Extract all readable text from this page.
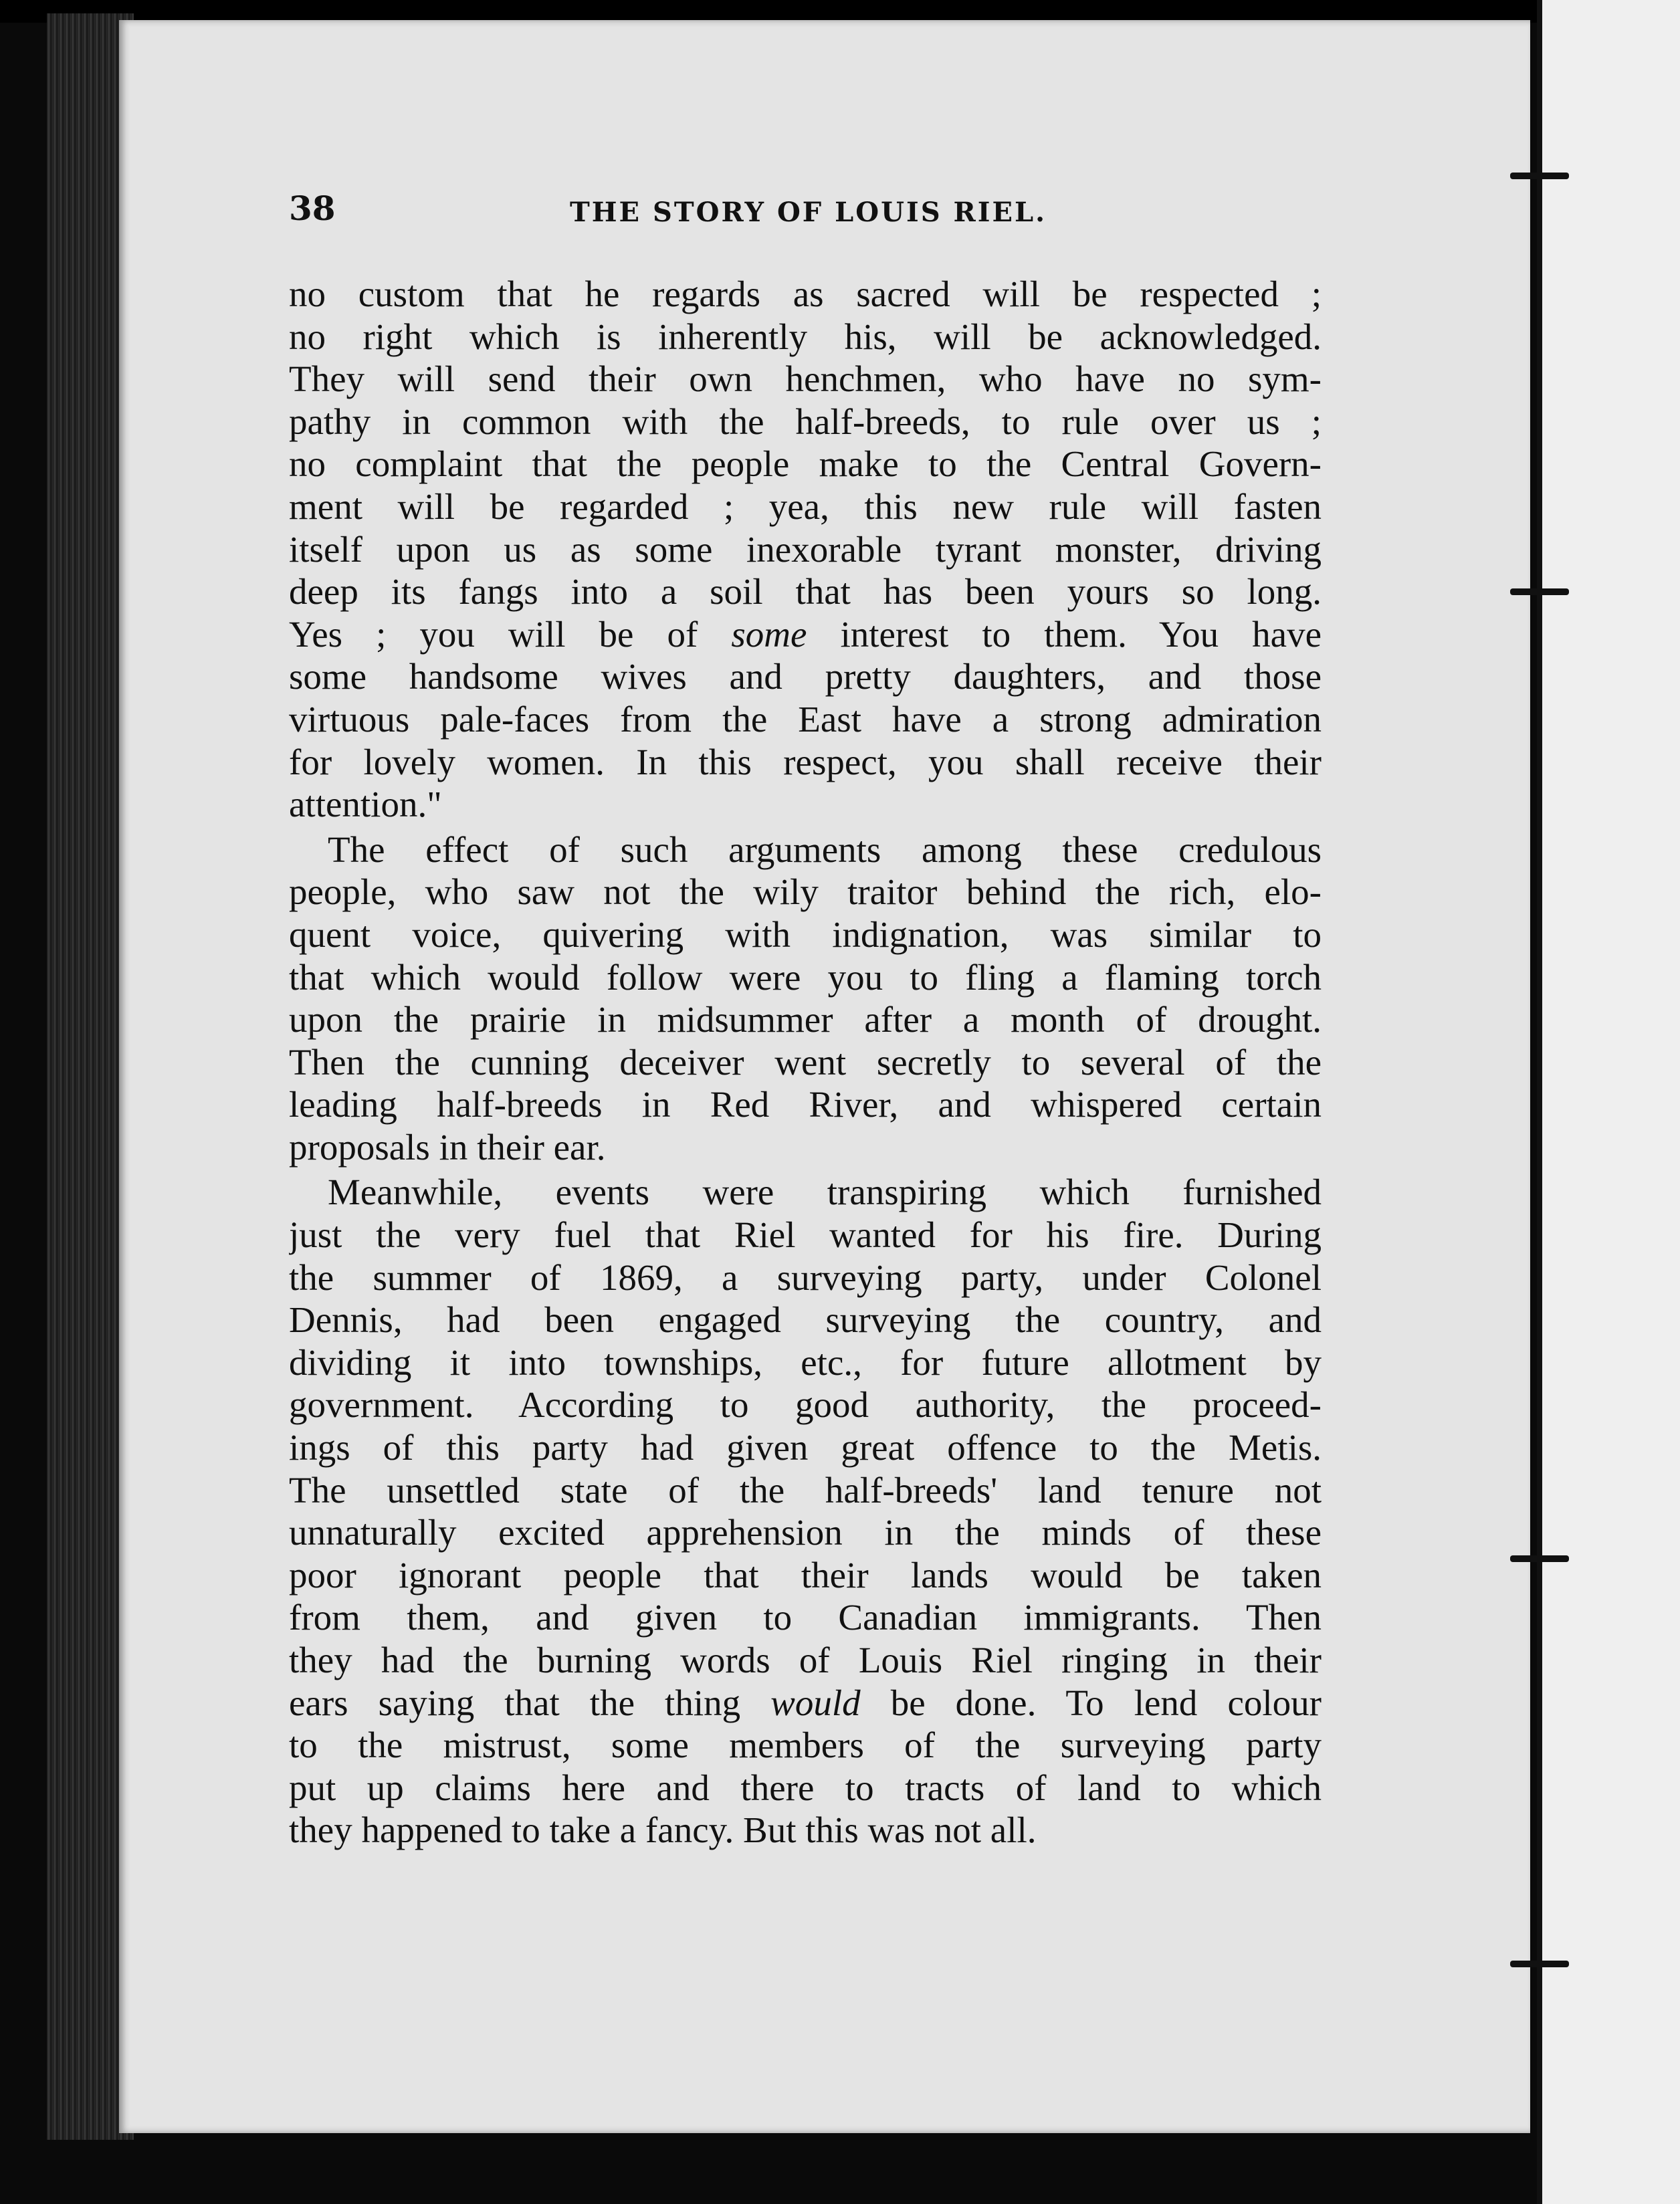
38	THE STORY OF LOUIS RIEL.
no custom that he regards as sacred will be respected ;
no right which is inherently his, will be acknowledged.
They will send their own henchmen, who have no sym-
pathy in common with the half-breeds, to rule over us ;
no complaint that the people make to the Central Govern-
ment will be regarded ; yea, this new rule will fasten
itself upon us as some inexorable tyrant monster, driving
deep its fangs into a soil that has been yours so long.
Yes ; you will be of some interest to them. You have
some handsome wives and pretty daughters, and those
virtuous pale-faces from the East have a strong admiration
for lovely women. In this respect, you shall receive their
attention."
The effect of such arguments among these credulous
people, who saw not the wily traitor behind the rich, elo-
quent voice, quivering with indignation, was similar to
that which would follow were you to fling a flaming torch
upon the prairie in midsummer after a month of drought.
Then the cunning deceiver went secretly to several of the
leading half-breeds in Red River, and whispered certain
proposals in their ear.
Meanwhile, events were transpiring which furnished
just the very fuel that Riel wanted for his fire. During
the summer of 1869, a surveying party, under Colonel
Dennis, had been engaged surveying the country, and
dividing it into townships, etc., for future allotment by
government. According to good authority, the proceed-
ings of this party had given great offence to the Metis.
The unsettled state of the half-breeds' land tenure not
unnaturally excited apprehension in the minds of these
poor ignorant people that their lands would be taken
from them, and given to Canadian immigrants. Then
they had the burning words of Louis Riel ringing in their
ears saying that the thing would be done. To lend colour
to the mistrust, some members of the surveying party
put up claims here and there to tracts of land to which
they happened to take a fancy. But this was not all.
